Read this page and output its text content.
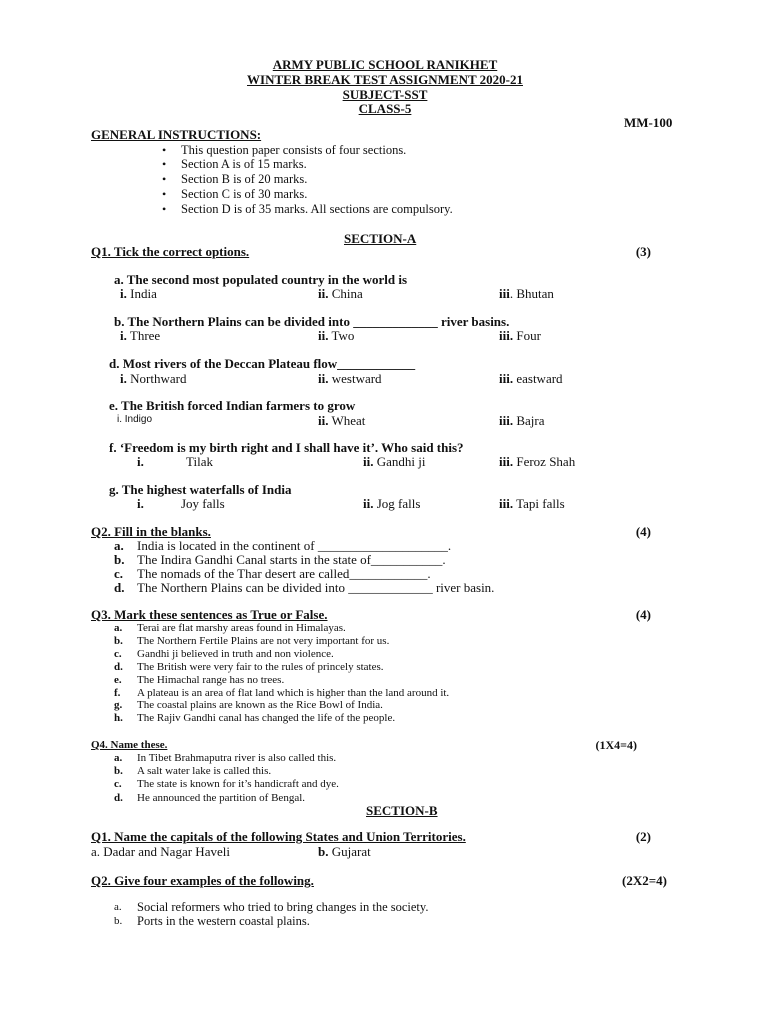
ARMY PUBLIC SCHOOL RANIKHET
WINTER BREAK TEST ASSIGNMENT 2020-21
SUBJECT-SST
CLASS-5
MM-100
GENERAL INSTRUCTIONS:
• This question paper consists of four sections.
• Section A is of 15 marks.
• Section B is of 20 marks.
• Section C is of 30 marks.
• Section D is of 35 marks. All sections are compulsory.
SECTION-A
Q1. Tick the correct options.	(3)
a. The second most populated country in the world is
i. India	ii. China	iii. Bhutan
b. The Northern Plains can be divided into _____________ river basins.
i. Three	ii. Two	iii. Four
d. Most rivers of the Deccan Plateau flow____________
i. Northward	ii. westward	iii. eastward
e. The British forced Indian farmers to grow
i. Indigo	ii. Wheat	iii. Bajra
f. ‘Freedom is my birth right and I shall have it’. Who said this?
i.	Tilak	ii. Gandhi ji	iii. Feroz Shah
g. The highest waterfalls of India
i.	Joy falls	ii. Jog falls	iii. Tapi falls
Q2. Fill in the blanks.	(4)
a. India is located in the continent of ____________________.
b. The Indira Gandhi Canal starts in the state of___________.
c. The nomads of the Thar desert are called____________.
d. The Northern Plains can be divided into _____________ river basin.
Q3. Mark these sentences as True or False.	(4)
a. Terai are flat marshy areas found in Himalayas.
b. The Northern Fertile Plains are not very important for us.
c. Gandhi ji believed in truth and non violence.
d. The British were very fair to the rules of princely states.
e. The Himachal range has no trees.
f. A plateau is an area of flat land which is higher than the land around it.
g. The coastal plains are known as the Rice Bowl of India.
h. The Rajiv Gandhi canal has changed the life of the people.
Q4. Name these.	(1X4=4)
a. In Tibet Brahmaputra river is also called this.
b. A salt water lake is called this.
c. The state is known for it’s handicraft and dye.
d. He announced the partition of Bengal.
SECTION-B
Q1. Name the capitals of the following States and Union Territories.	(2)
a. Dadar and Nagar Haveli	b. Gujarat
Q2. Give four examples of the following.	(2X2=4)
a. Social reformers who tried to bring changes in the society.
b. Ports in the western coastal plains.
